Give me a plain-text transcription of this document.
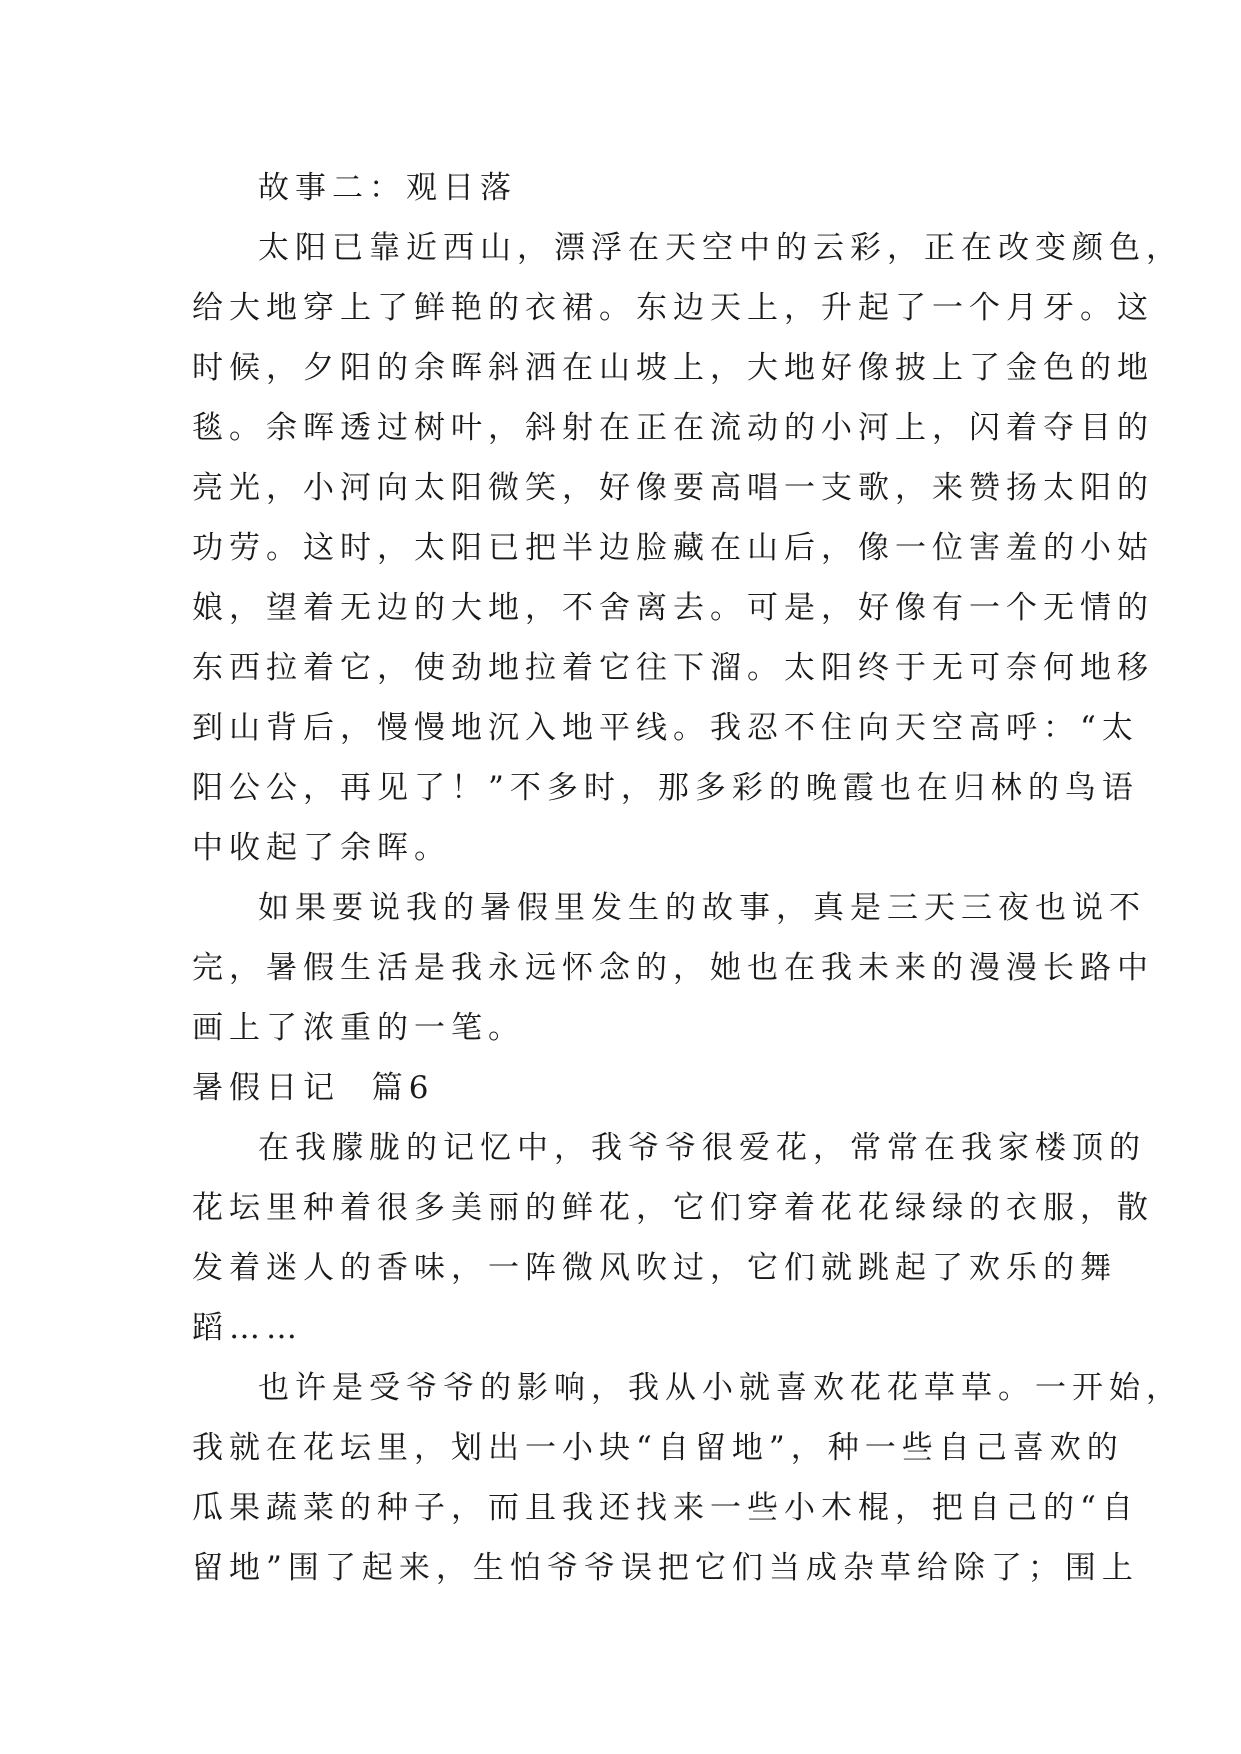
故事二：观日落
太阳已靠近西山，漂浮在天空中的云彩，正在改变颜色，
给大地穿上了鲜艳的衣裙。东边天上，升起了一个月牙。这
时候，夕阳的余晖斜洒在山坡上，大地好像披上了金色的地
毯。余晖透过树叶，斜射在正在流动的小河上，闪着夺目的
亮光，小河向太阳微笑，好像要高唱一支歌，来赞扬太阳的
功劳。这时，太阳已把半边脸藏在山后，像一位害羞的小姑
娘，望着无边的大地，不舍离去。可是，好像有一个无情的
东西拉着它，使劲地拉着它往下溜。太阳终于无可奈何地移
到山背后，慢慢地沉入地平线。我忍不住向天空高呼：“太
阳公公，再见了！”不多时，那多彩的晚霞也在归林的鸟语
中收起了余晖。
如果要说我的暑假里发生的故事，真是三天三夜也说不
完，暑假生活是我永远怀念的，她也在我未来的漫漫长路中
画上了浓重的一笔。
暑假日记  篇6
在我朦胧的记忆中，我爷爷很爱花，常常在我家楼顶的
花坛里种着很多美丽的鲜花，它们穿着花花绿绿的衣服，散
发着迷人的香味，一阵微风吹过，它们就跳起了欢乐的舞
蹈……
也许是受爷爷的影响，我从小就喜欢花花草草。一开始，
我就在花坛里，划出一小块“自留地”，种一些自己喜欢的
瓜果蔬菜的种子，而且我还找来一些小木棍，把自己的“自
留地”围了起来，生怕爷爷误把它们当成杂草给除了；围上
